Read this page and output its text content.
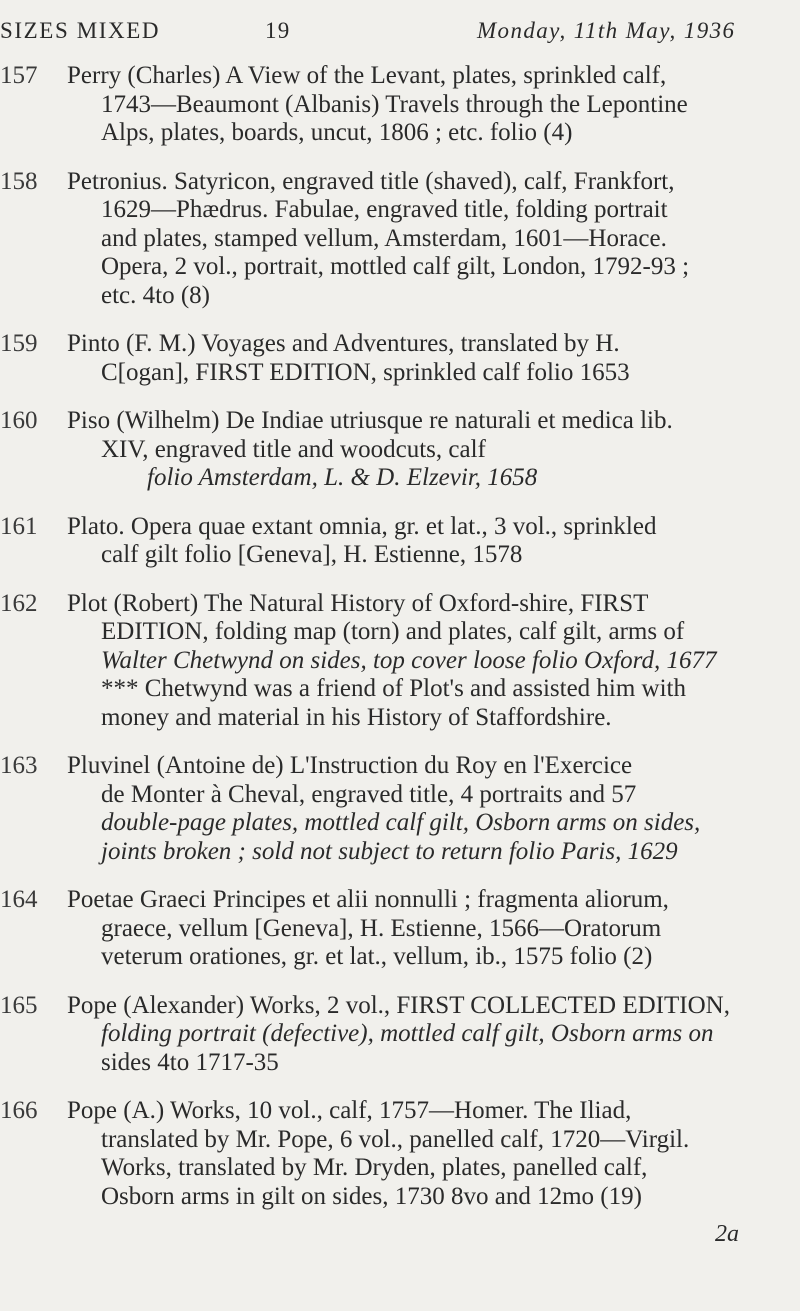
SIZES MIXED	19	Monday, 11th May, 1936
157	Perry (Charles) A View of the Levant, plates, sprinkled calf,
1743—Beaumont (Albanis) Travels through the Lepontine
Alps, plates, boards, uncut, 1806 ; etc. folio (4)
158	Petronius. Satyricon, engraved title (shaved), calf, Frankfort,
1629—Phædrus. Fabulae, engraved title, folding portrait
and plates, stamped vellum, Amsterdam, 1601—Horace.
Opera, 2 vol., portrait, mottled calf gilt, London, 1792-93 ;
etc. 4to (8)
159	Pinto (F. M.) Voyages and Adventures, translated by H.
C[ogan], FIRST EDITION, sprinkled calf folio 1653
160	Piso (Wilhelm) De Indiae utriusque re naturali et medica lib.
XIV, engraved title and woodcuts, calf
folio Amsterdam, L. & D. Elzevir, 1658
161	Plato. Opera quae extant omnia, gr. et lat., 3 vol., sprinkled
calf gilt folio [Geneva], H. Estienne, 1578
162	Plot (Robert) The Natural History of Oxford-shire, FIRST
EDITION, folding map (torn) and plates, calf gilt, arms of
Walter Chetwynd on sides, top cover loose folio Oxford, 1677
*** Chetwynd was a friend of Plot's and assisted him with
money and material in his History of Staffordshire.
163	Pluvinel (Antoine de) L'Instruction du Roy en l'Exercice
de Monter à Cheval, engraved title, 4 portraits and 57
double-page plates, mottled calf gilt, Osborn arms on sides,
joints broken ; sold not subject to return folio Paris, 1629
164	Poetae Graeci Principes et alii nonnulli ; fragmenta aliorum,
graece, vellum [Geneva], H. Estienne, 1566—Oratorum
veterum orationes, gr. et lat., vellum, ib., 1575 folio (2)
165	Pope (Alexander) Works, 2 vol., FIRST COLLECTED EDITION,
folding portrait (defective), mottled calf gilt, Osborn arms on
sides 4to 1717-35
166	Pope (A.) Works, 10 vol., calf, 1757—Homer. The Iliad,
translated by Mr. Pope, 6 vol., panelled calf, 1720—Virgil.
Works, translated by Mr. Dryden, plates, panelled calf,
Osborn arms in gilt on sides, 1730 8vo and 12mo (19)
2a
